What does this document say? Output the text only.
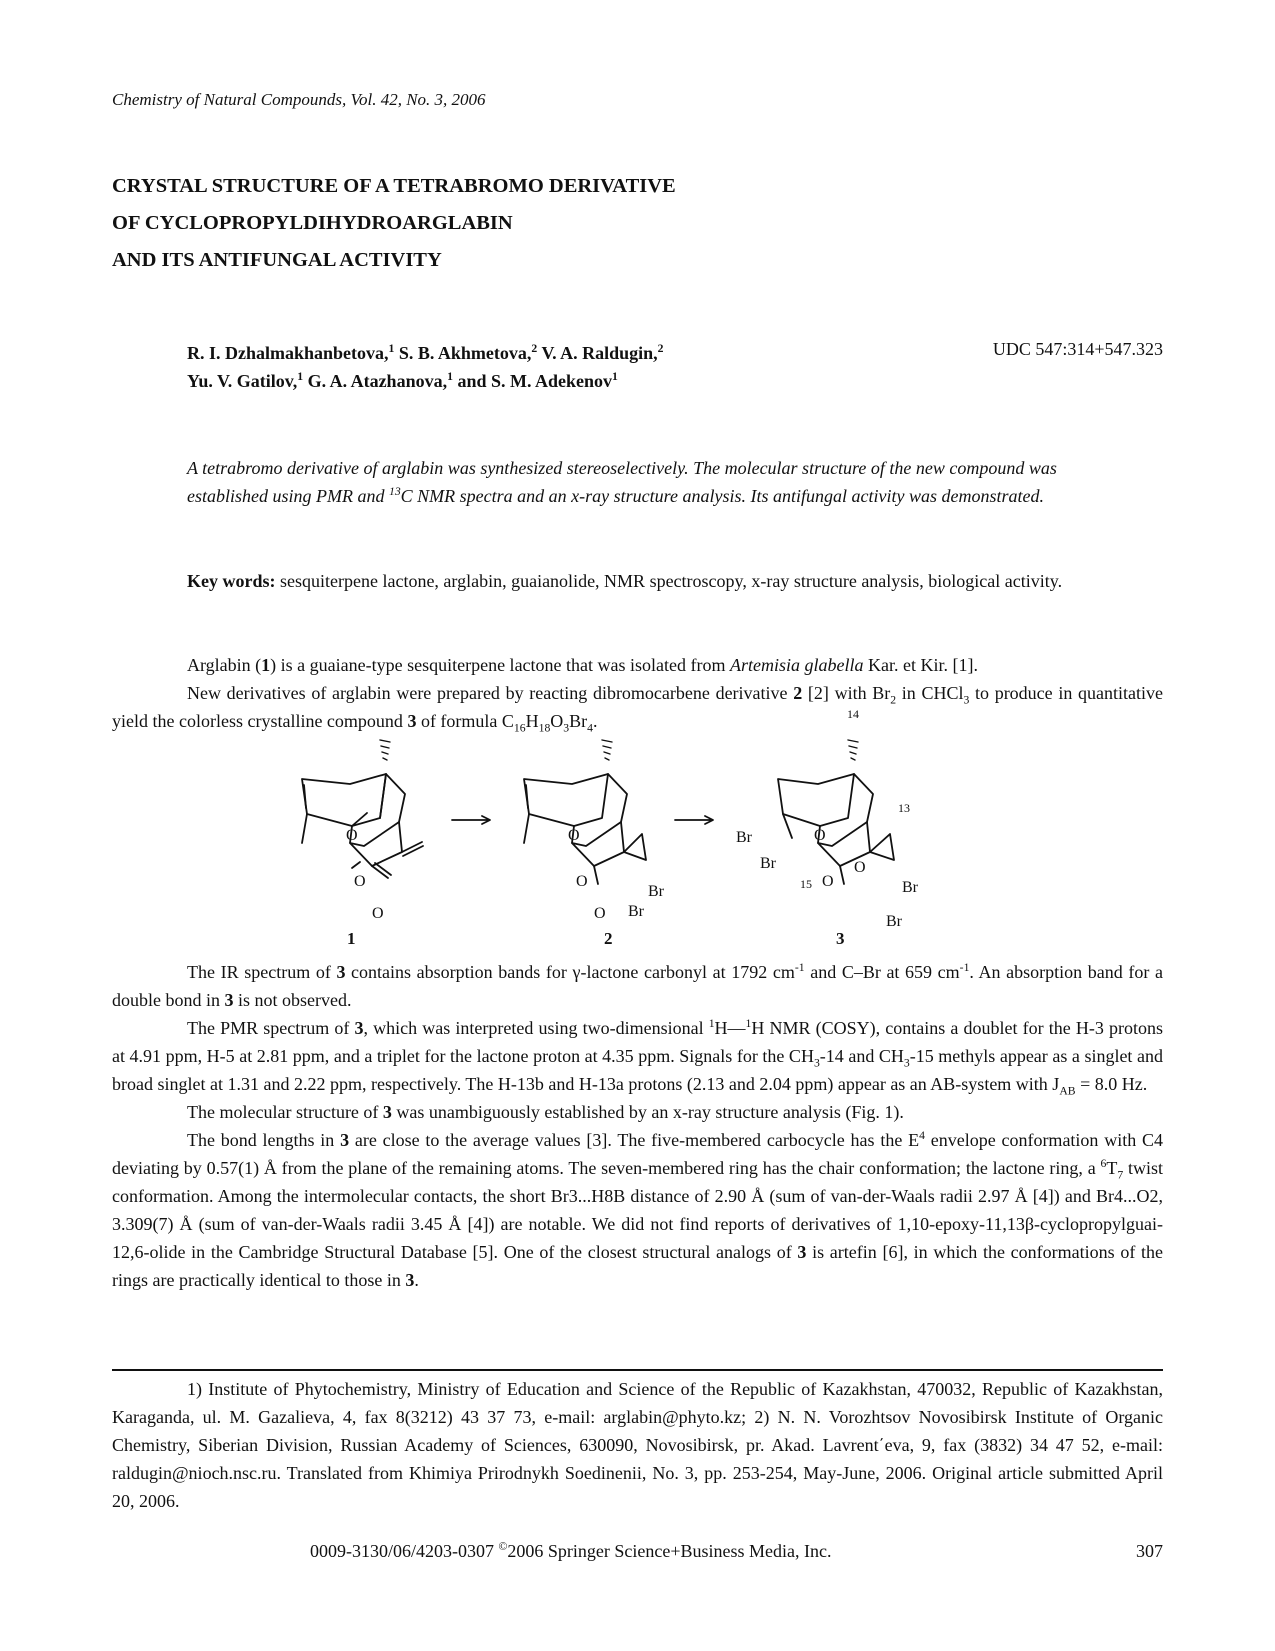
Chemistry of Natural Compounds, Vol. 42, No. 3, 2006
CRYSTAL STRUCTURE OF A TETRABROMO DERIVATIVE
OF CYCLOPROPYLDIHYDROARGLABIN
AND ITS ANTIFUNGAL ACTIVITY
R. I. Dzhalmakhanbetova,$^1$ S. B. Akhmetova,$^2$ V. A. Raldugin,$^2$
Yu. V. Gatilov,$^1$ G. A. Atazhanova,$^1$ and S. M. Adekenov$^1$
UDC 547:314+547.323

A tetrabromo derivative of arglabin was synthesized stereoselectively. The molecular structure of the new compound was established using PMR and $^{13}$C NMR spectra and an x-ray structure analysis. Its antifungal activity was demonstrated.

Key words: sesquiterpene lactone, arglabin, guaianolide, NMR spectroscopy, x-ray structure analysis, biological activity.

Arglabin (1) is a guaiane-type sesquiterpene lactone that was isolated from Artemisia glabella Kar. et Kir. [1].

New derivatives of arglabin were prepared by reacting dibromocarbene derivative 2 [2] with $Br_2$ in CHCl$_3$ to produce in quantitative yield the colorless crystalline compound 3 of formula $C_{16}H_{18}O_3Br_4$.

O
O
O
O
O
O
Br
Br
O
O
O
Br
Br
Br
Br
14
13
15
1	2	3

The IR spectrum of 3 contains absorption bands for γ-lactone carbonyl at 1792 $cm^{-1}$ and C–Br at 659 $cm^{-1}$. An absorption band for a double bond in 3 is not observed.

The PMR spectrum of 3, which was interpreted using two-dimensional $^1$H—$^1$H NMR (COSY), contains a doublet for the H-3 protons at 4.91 ppm, H-5 at 2.81 ppm, and a triplet for the lactone proton at 4.35 ppm. Signals for the $CH_3-14$ and $CH_3-15$ methyls appear as a singlet and broad singlet at 1.31 and 2.22 ppm, respectively. The H-13b and H-13a protons (2.13 and 2.04 ppm) appear as an AB-system with $J_{AB} = 8.0$ Hz.

The molecular structure of 3 was unambiguously established by an x-ray structure analysis (Fig. 1).

The bond lengths in 3 are close to the average values [3]. The five-membered carbocycle has the $E^4$ envelope conformation with C4 deviating by 0.57(1) Å from the plane of the remaining atoms. The seven-membered ring has the chair conformation; the lactone ring, a $^6T_7$ twist conformation. Among the intermolecular contacts, the short Br3...H8B distance of 2.90 Å (sum of van-der-Waals radii 2.97 Å [4]) and Br4...O2, 3.309(7) Å (sum of van-der-Waals radii 3.45 Å [4]) are notable. We did not find reports of derivatives of 1,10-epoxy-11,13β-cyclopropylguai-12,6-olide in the Cambridge Structural Database [5]. One of the closest structural analogs of 3 is artefin [6], in which the conformations of the rings are practically identical to those in 3.

1) Institute of Phytochemistry, Ministry of Education and Science of the Republic of Kazakhstan, 470032, Republic of Kazakhstan, Karaganda, ul. M. Gazalieva, 4, fax 8(3212) 43 37 73, e-mail: arglabin@phyto.kz; 2) N. N. Vorozhtsov Novosibirsk Institute of Organic Chemistry, Siberian Division, Russian Academy of Sciences, 630090, Novosibirsk, pr. Akad. Lavrent΄eva, 9, fax (3832) 34 47 52, e-mail: raldugin@nioch.nsc.ru. Translated from Khimiya Prirodnykh Soedinenii, No. 3, pp. 253-254, May-June, 2006. Original article submitted April 20, 2006.

0009-3130/06/4203-0307 ©2006 Springer Science+Business Media, Inc.	307
